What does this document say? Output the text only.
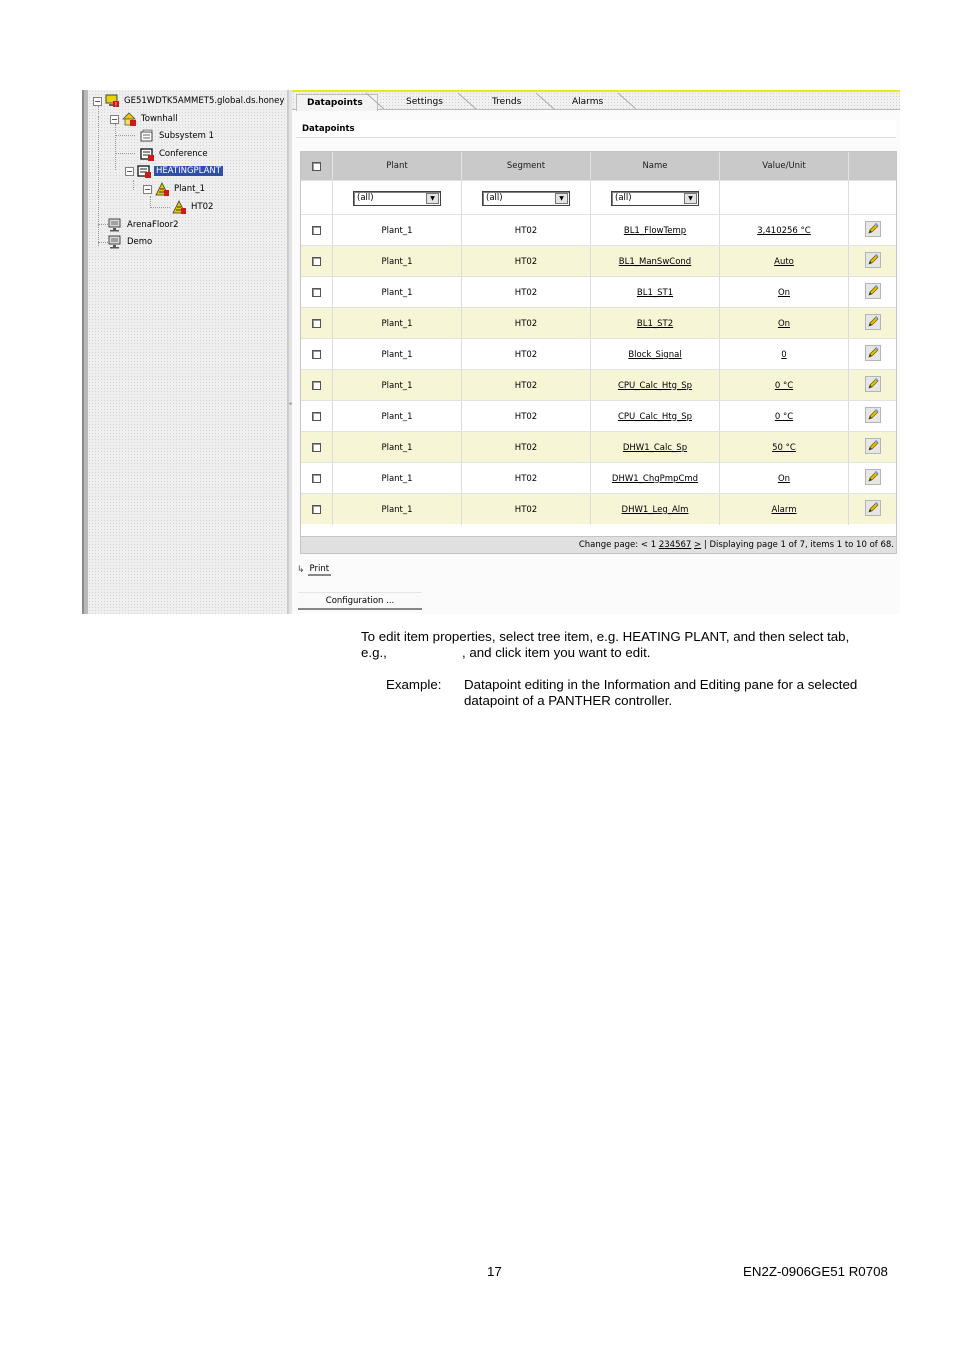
− ! GE51WDTK5AMMET5.global.ds.honey
−	Townhall
Subsystem 1
Conference
−	HEATINGPLANT
−	Plant_1
HT02
ArenaFloor2
Demo
◂
Datapoints	Settings	Trends	Alarms
Datapoints
Plant	Segment	Name	Value/Unit
(all)	▼	(all)	▼	(all)	▼
Plant_1	HT02	BL1_FlowTemp	3,410256 °C
Plant_1	HT02	BL1_ManSwCond	Auto
Plant_1	HT02	BL1_ST1	On
Plant_1	HT02	BL1_ST2	On
Plant_1	HT02	Block_Signal	0
Plant_1	HT02	CPU_Calc_Htg_Sp	0 °C
Plant_1	HT02	CPU_Calc_Htg_Sp	0 °C
Plant_1	HT02	DHW1_Calc_Sp	50 °C
Plant_1	HT02	DHW1_ChgPmpCmd	On
Plant_1	HT02	DHW1_Leg_Alm	Alarm
Change page: < 1 234567 > | Displaying page 1 of 7, items 1 to 10 of 68.
↳ Print
Configuration ...
To edit item properties, select tree item, e.g. HEATING PLANT, and then select tab,
e.g.,	, and click item you want to edit.
Example: Datapoint editing in the Information and Editing pane for a selected
datapoint of a PANTHER controller.
17	EN2Z-0906GE51 R0708
